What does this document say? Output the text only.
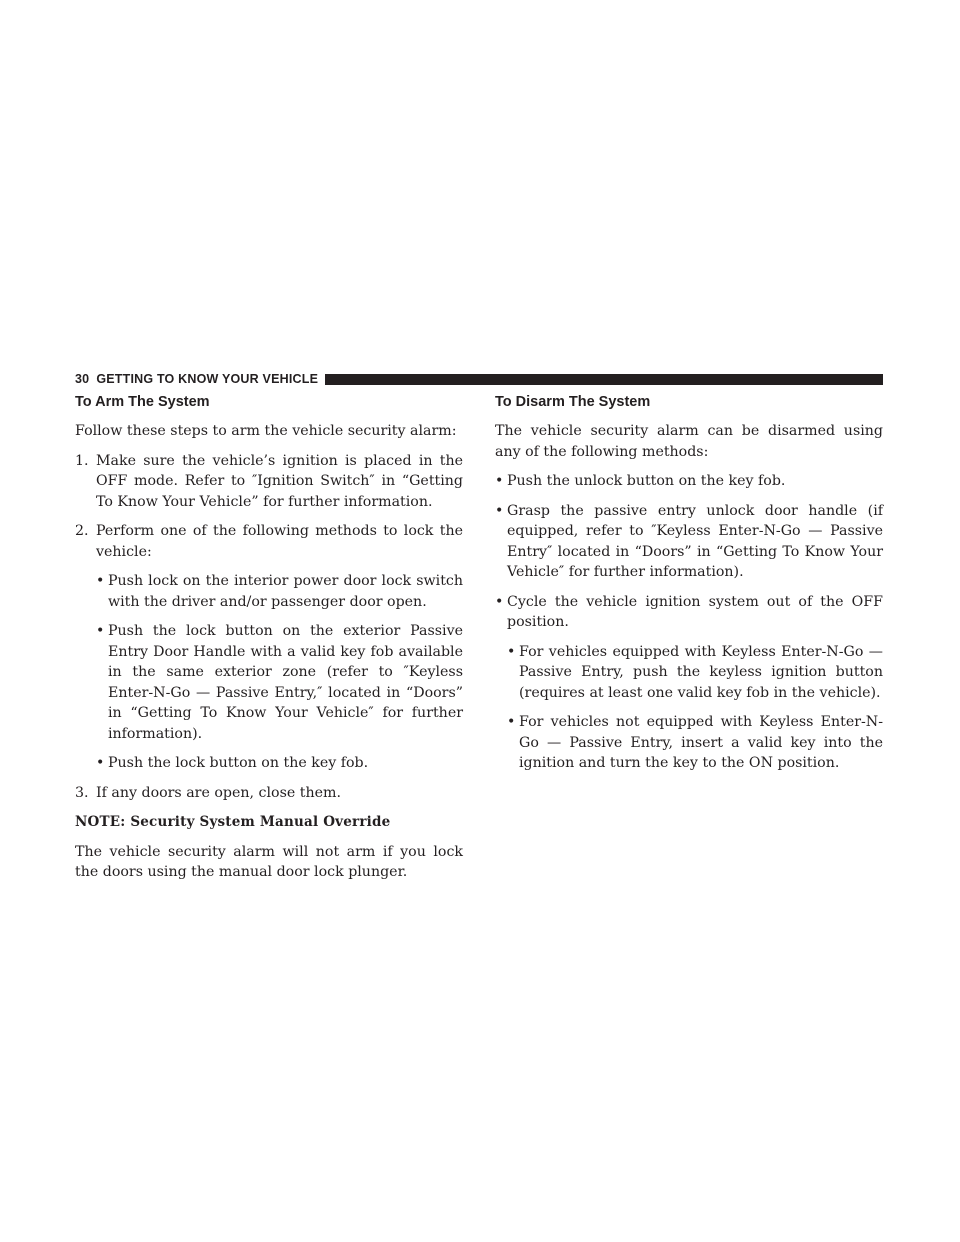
30 GETTING TO KNOW YOUR VEHICLE
To Arm The System

Follow these steps to arm the vehicle security alarm:

1. Make sure the vehicle’s ignition is placed in the OFF mode. Refer to ″Ignition Switch″ in “Getting To Know Your Vehicle” for further information.
2. Perform one of the following methods to lock the vehicle:
• Push lock on the interior power door lock switch with the driver and/or passenger door open.
• Push the lock button on the exterior Passive Entry Door Handle with a valid key fob available in the same exterior zone (refer to ″Keyless Enter-N-Go — Passive Entry,″ located in “Doors” in “Getting To Know Your Vehicle″ for further information).
• Push the lock button on the key fob.
3. If any doors are open, close them.
NOTE: Security System Manual Override

The vehicle security alarm will not arm if you lock the doors using the manual door lock plunger.

To Disarm The System

The vehicle security alarm can be disarmed using any of the following methods:

• Push the unlock button on the key fob.
• Grasp the passive entry unlock door handle (if equipped, refer to ″Keyless Enter-N-Go — Passive Entry″ located in “Doors” in “Getting To Know Your Vehicle″ for further information).
• Cycle the vehicle ignition system out of the OFF position.
• For vehicles equipped with Keyless Enter-N-Go — Passive Entry, push the keyless ignition button (requires at least one valid key fob in the vehicle).
• For vehicles not equipped with Keyless Enter-N-Go — Passive Entry, insert a valid key into the ignition and turn the key to the ON position.
